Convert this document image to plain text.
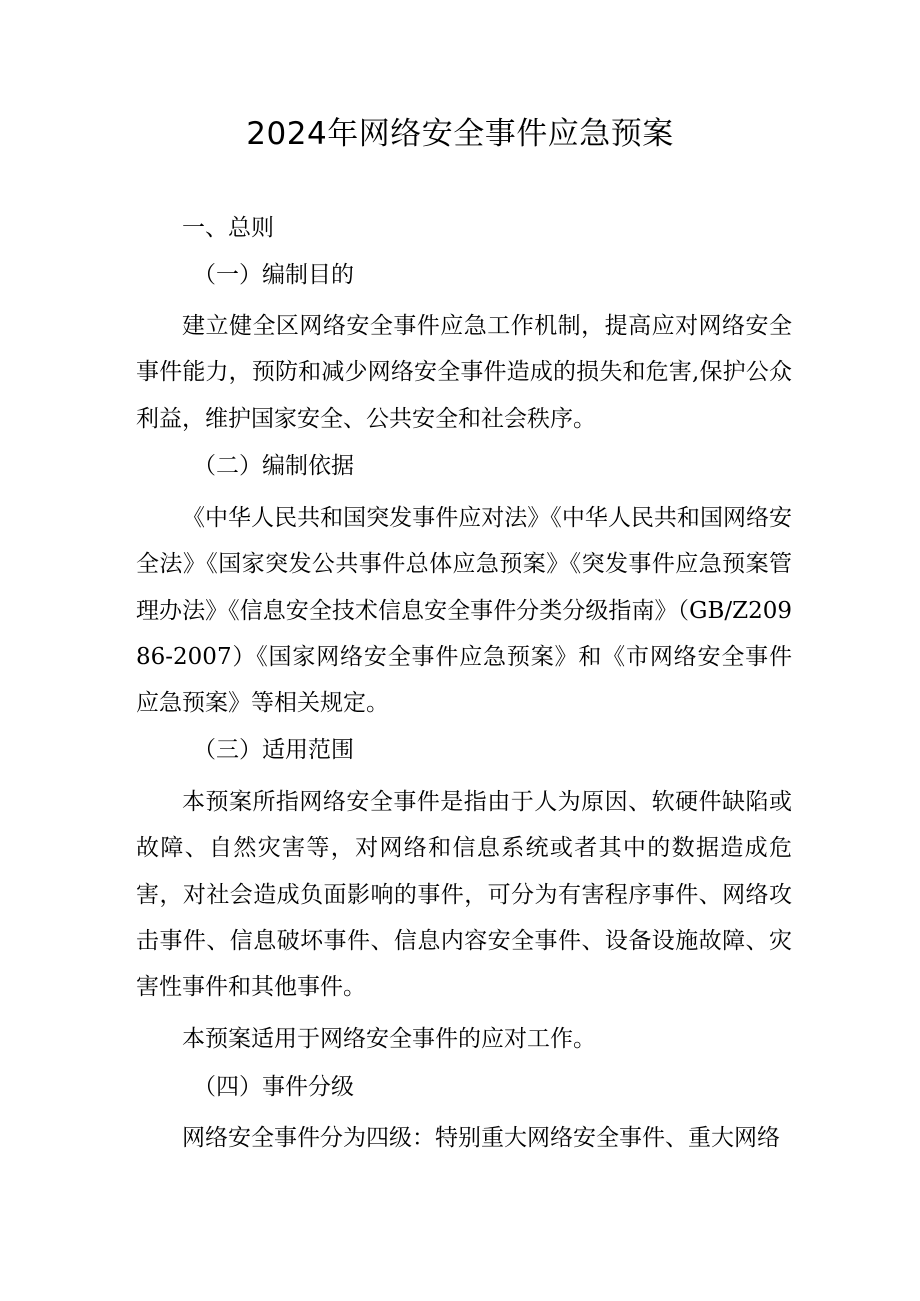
2024年网络安全事件应急预案
一、总则
（一）编制目的
建立健全区网络安全事件应急工作机制，提高应对网络安全事件能力，预防和减少网络安全事件造成的损失和危害,保护公众利益，维护国家安全、公共安全和社会秩序。
（二）编制依据
《中华人民共和国突发事件应对法》《中华人民共和国网络安全法》《国家突发公共事件总体应急预案》《突发事件应急预案管理办法》《信息安全技术信息安全事件分类分级指南》（GB/Z20986-2007）《国家网络安全事件应急预案》和《市网络安全事件应急预案》等相关规定。
（三）适用范围
本预案所指网络安全事件是指由于人为原因、软硬件缺陷或故障、自然灾害等，对网络和信息系统或者其中的数据造成危害，对社会造成负面影响的事件，可分为有害程序事件、网络攻击事件、信息破坏事件、信息内容安全事件、设备设施故障、灾害性事件和其他事件。
本预案适用于网络安全事件的应对工作。
（四）事件分级
网络安全事件分为四级：特别重大网络安全事件、重大网络
